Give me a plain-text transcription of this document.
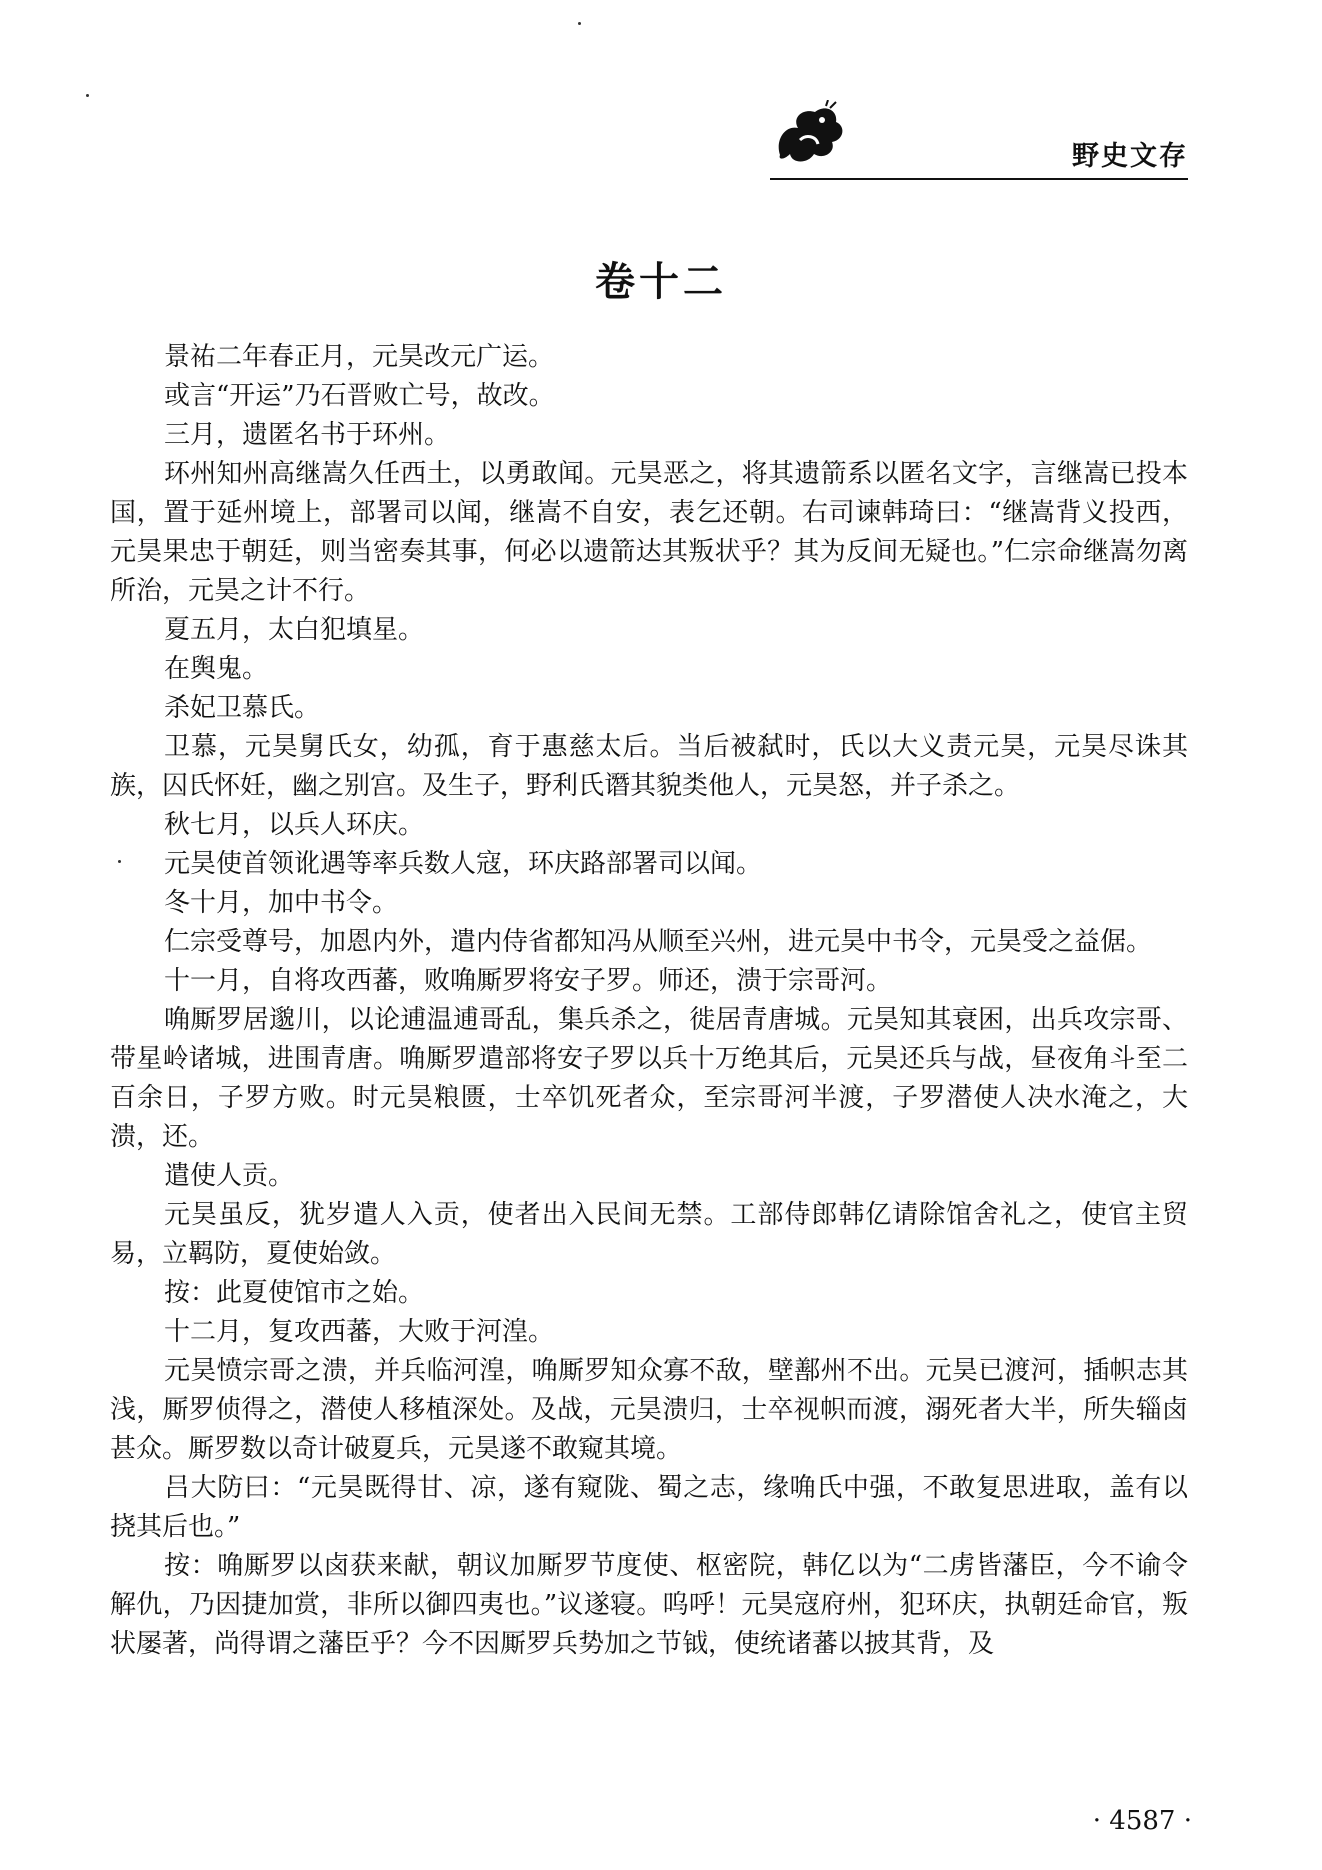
野史文存
卷十二

景祐二年春正月，元昊改元广运。

或言“开运”乃石晋败亡号，故改。

三月，遗匿名书于环州。

环州知州高继嵩久任西土，以勇敢闻。元昊恶之，将其遗箭系以匿名文字，言继嵩已投本国，置于延州境上，部署司以闻，继嵩不自安，表乞还朝。右司谏韩琦曰：“继嵩背义投西，元昊果忠于朝廷，则当密奏其事，何必以遗箭达其叛状乎？其为反间无疑也。”仁宗命继嵩勿离所治，元昊之计不行。

夏五月，太白犯填星。

在舆鬼。

杀妃卫慕氏。

卫慕，元昊舅氏女，幼孤，育于惠慈太后。当后被弑时，氏以大义责元昊，元昊尽诛其族，囚氏怀妊，幽之别宫。及生子，野利氏谮其貌类他人，元昊怒，并子杀之。

秋七月，以兵人环庆。

元昊使首领讹遇等率兵数人寇，环庆路部署司以闻。

冬十月，加中书令。

仁宗受尊号，加恩内外，遣内侍省都知冯从顺至兴州，进元昊中书令，元昊受之益倨。

十一月，自将攻西蕃，败唃厮罗将安子罗。师还，溃于宗哥河。

唃厮罗居邈川，以论逋温逋哥乱，集兵杀之，徙居青唐城。元昊知其衰困，出兵攻宗哥、带星岭诸城，进围青唐。唃厮罗遣部将安子罗以兵十万绝其后，元昊还兵与战，昼夜角斗至二百余日，子罗方败。时元昊粮匮，士卒饥死者众，至宗哥河半渡，子罗潜使人决水淹之，大溃，还。

遣使人贡。

元昊虽反，犹岁遣人入贡，使者出入民间无禁。工部侍郎韩亿请除馆舍礼之，使官主贸易，立羁防，夏使始敛。

按：此夏使馆市之始。

十二月，复攻西蕃，大败于河湟。

元昊愤宗哥之溃，并兵临河湟，唃厮罗知众寡不敌，壁鄯州不出。元昊已渡河，插帜志其浅，厮罗侦得之，潜使人移植深处。及战，元昊溃归，士卒视帜而渡，溺死者大半，所失辎卤甚众。厮罗数以奇计破夏兵，元昊遂不敢窥其境。

吕大防曰：“元昊既得甘、凉，遂有窥陇、蜀之志，缘唃氏中强，不敢复思进取，盖有以挠其后也。”

按：唃厮罗以卤获来献，朝议加厮罗节度使、枢密院，韩亿以为“二虏皆藩臣，今不谕令解仇，乃因捷加赏，非所以御四夷也。”议遂寝。呜呼！元昊寇府州，犯环庆，执朝廷命官，叛状屡著，尚得谓之藩臣乎？今不因厮罗兵势加之节钺，使统诸蕃以披其背，及

· 4587 ·
